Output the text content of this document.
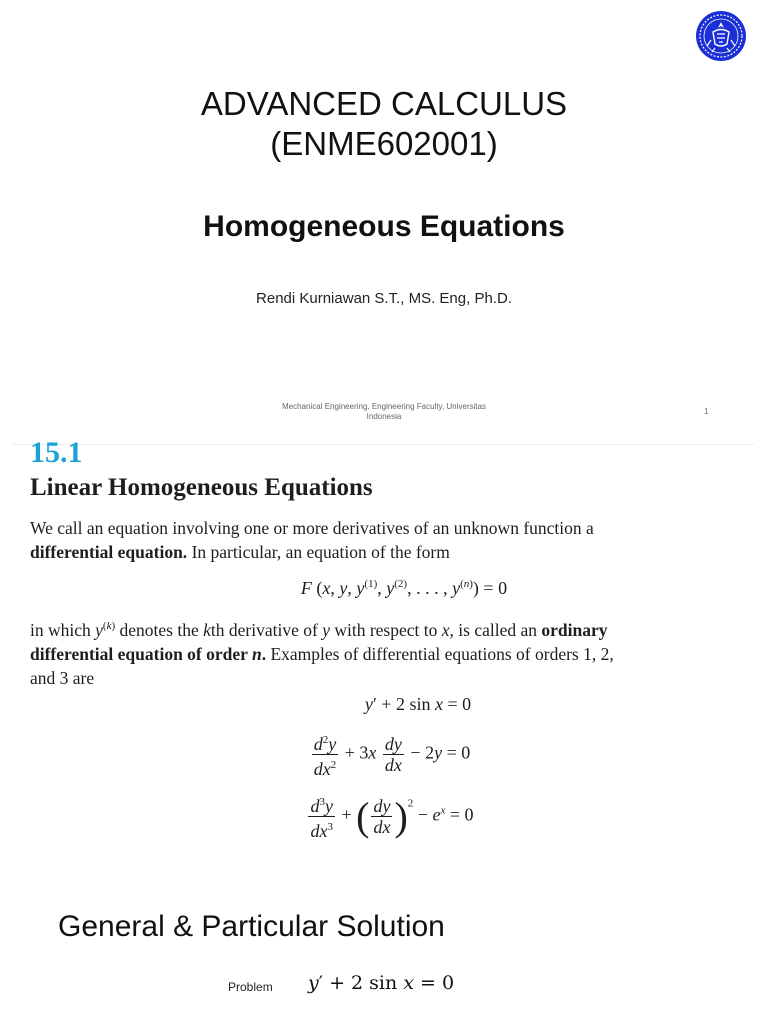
ADVANCED CALCULUS
(ENME602001)
Homogeneous Equations
Rendi Kurniawan S.T., MS. Eng, Ph.D.
Mechanical Engineering, Engineering Faculty, Universitas
Indonesia
1
15.1
Linear Homogeneous Equations
We call an equation involving one or more derivatives of an unknown function a
differential equation. In particular, an equation of the form
F (x, y, $y^{(1)}$, $y^{(2)}$, . . . , $y^{(n)}) = 0$
in which $y^{(k)}$ denotes the kth derivative of y with respect to x, is called an ordinary
differential equation of order n. Examples of differential equations of orders 1, 2,
and 3 are
y′ + 2 sin x = 0
$\frac{d^2y}{dx^2} + 3x \frac{dy}{dx} - 2y = 0$
$\frac{d^3y}{dx^3}$ + ( $\frac{dy}{dx} )^2 - e^x = 0$
General & Particular Solution
Problem y′ + 2 sin x = 0
